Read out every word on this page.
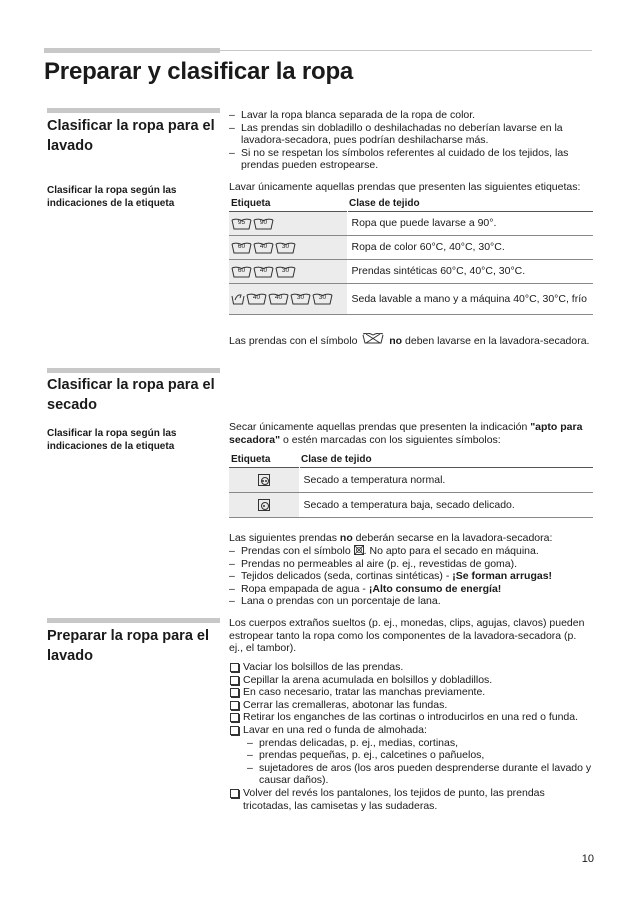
Preparar y clasificar la ropa
Clasificar la ropa para el lavado
– Lavar la ropa blanca separada de la ropa de color.
– Las prendas sin dobladillo o deshilachadas no deberían lavarse en la lavadora-secadora, pues podrían deshilacharse más.
– Si no se respetan los símbolos referentes al cuidado de los tejidos, las prendas pueden estropearse.
Clasificar la ropa según las indicaciones de la etiqueta
Lavar únicamente aquellas prendas que presenten las siguientes etiquetas:
Etiqueta	Clase de tejido

95 90	Ropa que puede lavarse a 90°.

60 40 30	Ropa de color 60°C, 40°C, 30°C.

60 40 30	Prendas sintéticas 60°C, 40°C, 30°C.

40 40 30 30	Seda lavable a mano y a máquina 40°C, 30°C, frío
Las prendas con el símbolo	no deben lavarse en la lavadora-secadora.
Clasificar la ropa para el secado
Clasificar la ropa según las indicaciones de la etiqueta
Secar únicamente aquellas prendas que presenten la indicación "apto para secadora" o estén marcadas con los siguientes símbolos:
Etiqueta	Clase de tejido

	Secado a temperatura normal.

	Secado a temperatura baja, secado delicado.
Las siguientes prendas no deberán secarse en la lavadora-secadora:
– Prendas con el símbolo . No apto para el secado en máquina.
– Prendas no permeables al aire (p. ej., revestidas de goma).
– Tejidos delicados (seda, cortinas sintéticas) - ¡Se forman arrugas!
– Ropa empapada de agua - ¡Alto consumo de energía!
– Lana o prendas con un porcentaje de lana.
Preparar la ropa para el lavado
Los cuerpos extraños sueltos (p. ej., monedas, clips, agujas, clavos) pueden estropear tanto la ropa como los componentes de la lavadora-secadora (p. ej., el tambor).
Vaciar los bolsillos de las prendas.
Cepillar la arena acumulada en bolsillos y dobladillos.
En caso necesario, tratar las manchas previamente.
Cerrar las cremalleras, abotonar las fundas.
Retirar los enganches de las cortinas o introducirlos en una red o funda.
Lavar en una red o funda de almohada:
– prendas delicadas, p. ej., medias, cortinas,
– prendas pequeñas, p. ej., calcetines o pañuelos,
– sujetadores de aros (los aros pueden desprenderse durante el lavado y causar daños).
Volver del revés los pantalones, los tejidos de punto, las prendas tricotadas, las camisetas y las sudaderas.
10
